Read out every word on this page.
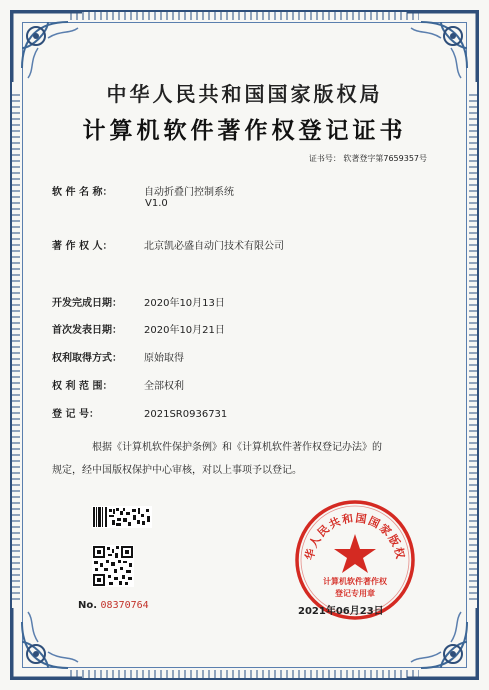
中华人民共和国国家版权局
计算机软件著作权登记证书
证书号： 软著登字第7659357号
软 件 名 称：	自动折叠门控制系统
V1.0
著 作 权 人：	北京凯必盛自动门技术有限公司
开发完成日期： 2020年10月13日
首次发表日期： 2020年10月21日
权利取得方式： 原始取得
权 利 范 围：	全部权利
登 记 号：	2021SR0936731
根据《计算机软件保护条例》和《计算机软件著作权登记办法》的
规定，经中国版权保护中心审核，对以上事项予以登记。
No. 08370764
华人民共和国国家版权
计算机软件著作权
登记专用章
2021年06月23日
